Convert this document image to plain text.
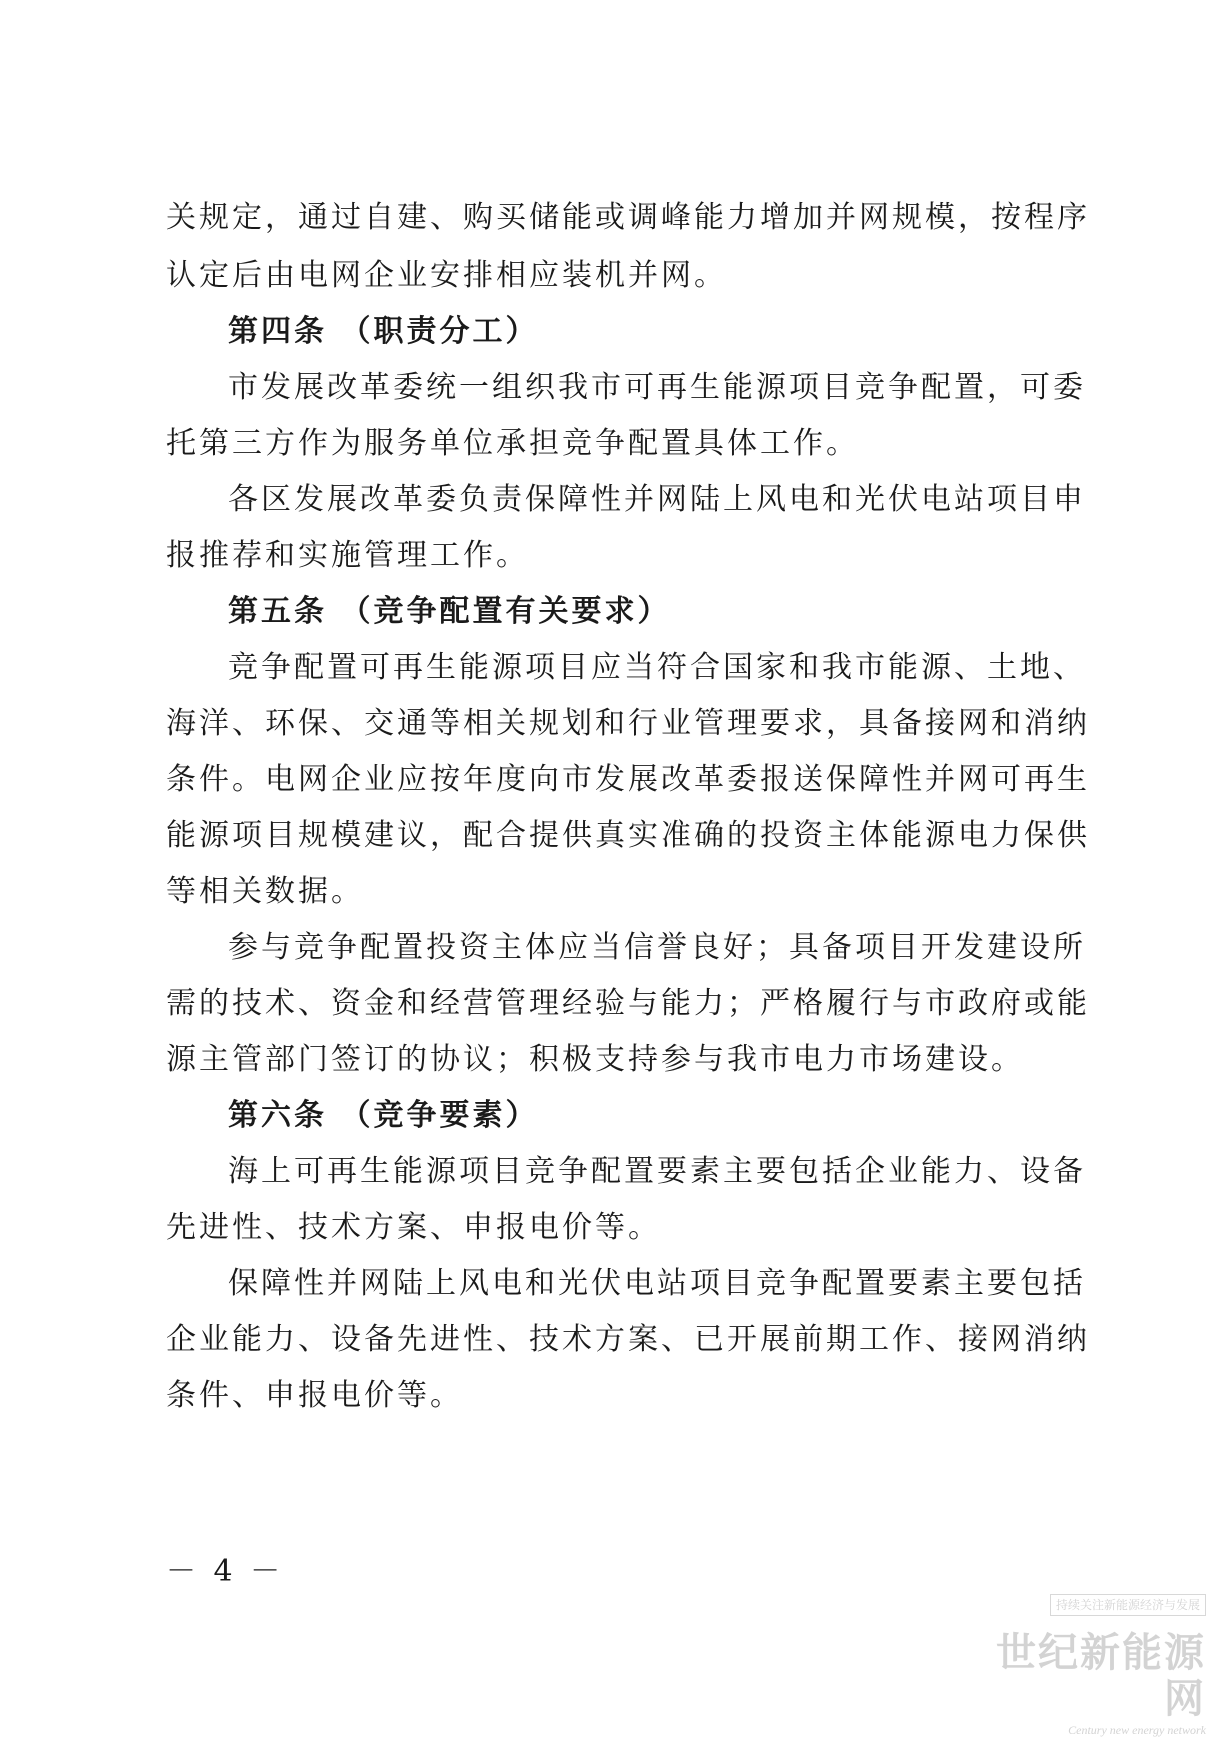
关规定，通过自建、购买储能或调峰能力增加并网规模，按程序
认定后由电网企业安排相应装机并网。
第四条 （职责分工）
市发展改革委统一组织我市可再生能源项目竞争配置，可委
托第三方作为服务单位承担竞争配置具体工作。
各区发展改革委负责保障性并网陆上风电和光伏电站项目申
报推荐和实施管理工作。
第五条 （竞争配置有关要求）
竞争配置可再生能源项目应当符合国家和我市能源、土地、
海洋、环保、交通等相关规划和行业管理要求，具备接网和消纳
条件。电网企业应按年度向市发展改革委报送保障性并网可再生
能源项目规模建议，配合提供真实准确的投资主体能源电力保供
等相关数据。
参与竞争配置投资主体应当信誉良好；具备项目开发建设所
需的技术、资金和经营管理经验与能力；严格履行与市政府或能
源主管部门签订的协议；积极支持参与我市电力市场建设。
第六条 （竞争要素）
海上可再生能源项目竞争配置要素主要包括企业能力、设备
先进性、技术方案、申报电价等。
保障性并网陆上风电和光伏电站项目竞争配置要素主要包括
企业能力、设备先进性、技术方案、已开展前期工作、接网消纳
条件、申报电价等。
－ 4 －
持续关注新能源经济与发展
世纪新能源网
Century new energy network
